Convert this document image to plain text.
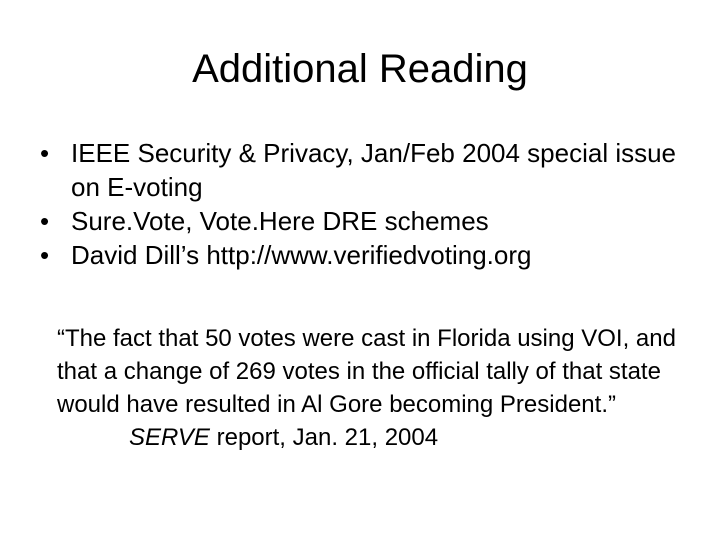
Additional Reading
• IEEE Security & Privacy, Jan/Feb 2004 special issue on E-voting
• Sure.Vote, Vote.Here DRE schemes
• David Dill’s http://www.verifiedvoting.org
“The fact that 50 votes were cast in Florida using VOI, and that a change of 269 votes in the official tally of that state would have resulted in Al Gore becoming President.”
SERVE report, Jan. 21, 2004
